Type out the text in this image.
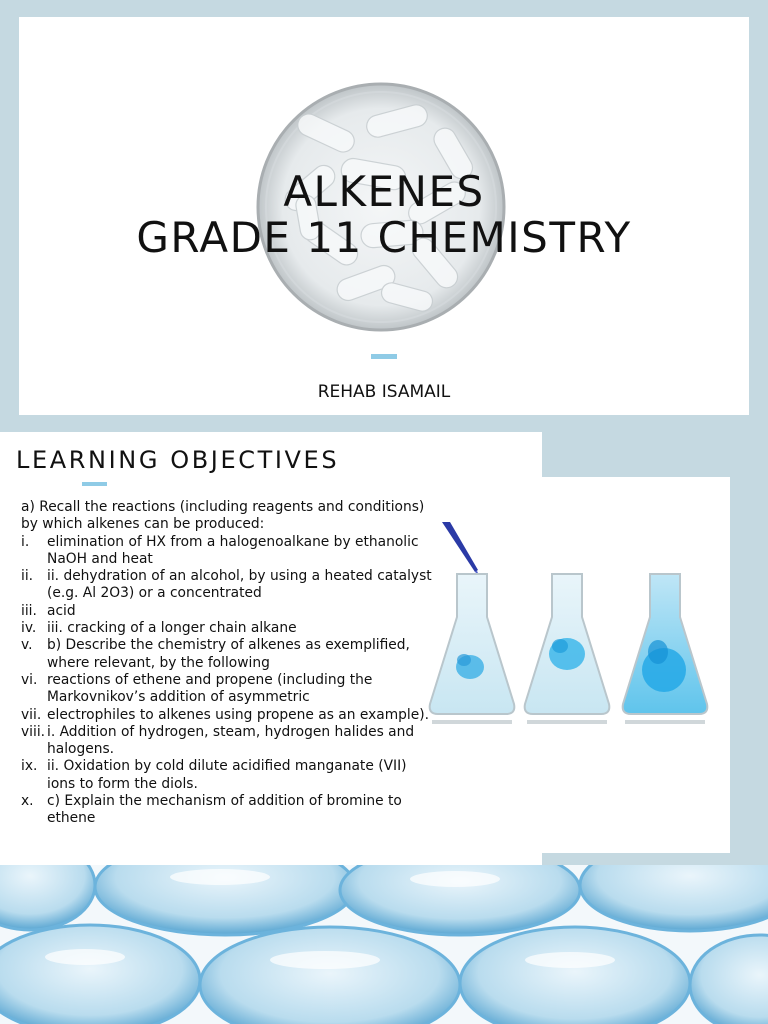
ALKENES
GRADE 11 CHEMISTRY
REHAB ISAMAIL
LEARNING OBJECTIVES

a) Recall the reactions (including reagents and conditions) by which alkenes can be produced:

i.	elimination of HX from a halogenoalkane by ethanolic NaOH and heat
ii.	ii. dehydration of an alcohol, by using a heated catalyst (e.g. Al 2O3) or a concentrated
iii. acid
iv. iii. cracking of a longer chain alkane
v.	b) Describe the chemistry of alkenes as exemplified, where relevant, by the following
vi. reactions of ethene and propene (including the Markovnikov’s addition of asymmetric
vii. electrophiles to alkenes using propene as an example).
viii. i. Addition of hydrogen, steam, hydrogen halides and halogens.
ix. ii. Oxidation by cold dilute acidified manganate (VII) ions to form the diols.
x. c) Explain the mechanism of addition of bromine to ethene
